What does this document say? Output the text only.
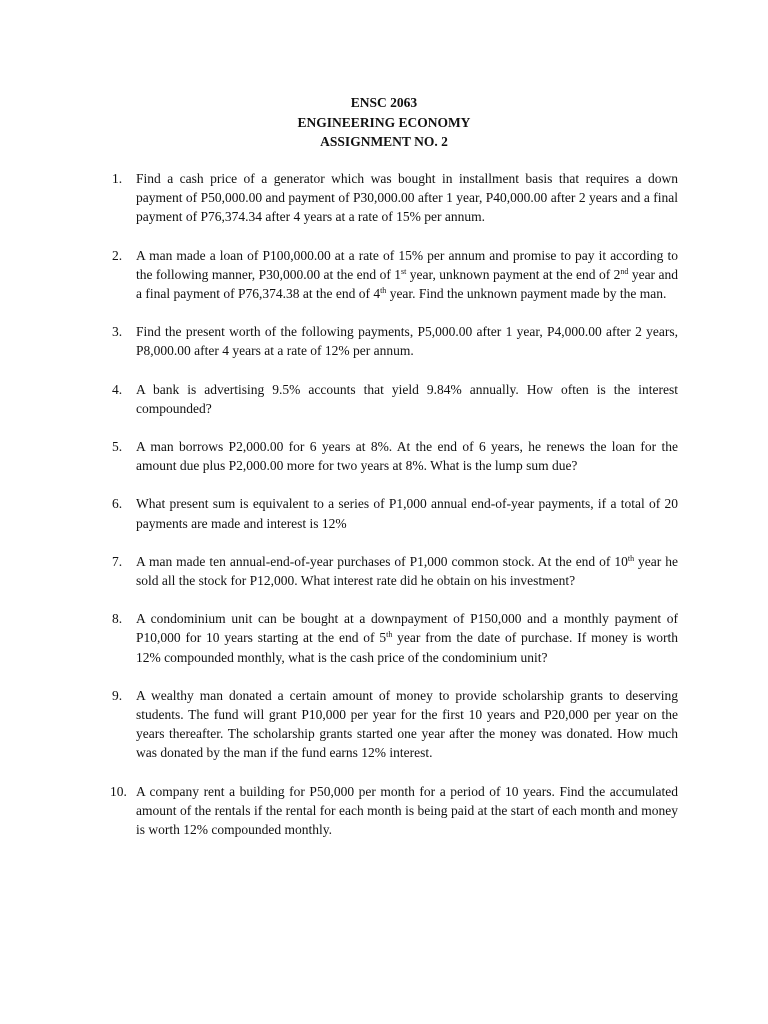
ENSC 2063
ENGINEERING ECONOMY
ASSIGNMENT NO. 2
1.	Find a cash price of a generator which was bought in installment basis that requires a down payment of P50,000.00 and payment of P30,000.00 after 1 year, P40,000.00 after 2 years and a final payment of P76,374.34 after 4 years at a rate of 15% per annum.
2.	A man made a loan of P100,000.00 at a rate of 15% per annum and promise to pay it according to the following manner, P30,000.00 at the end of 1st year, unknown payment at the end of 2nd year and a final payment of P76,374.38 at the end of 4th year. Find the unknown payment made by the man.
3.	Find the present worth of the following payments, P5,000.00 after 1 year, P4,000.00 after 2 years, P8,000.00 after 4 years at a rate of 12% per annum.
4.	A bank is advertising 9.5% accounts that yield 9.84% annually. How often is the interest compounded?
5.	A man borrows P2,000.00 for 6 years at 8%. At the end of 6 years, he renews the loan for the amount due plus P2,000.00 more for two years at 8%. What is the lump sum due?
6.	What present sum is equivalent to a series of P1,000 annual end-of-year payments, if a total of 20 payments are made and interest is 12%
7.	A man made ten annual-end-of-year purchases of P1,000 common stock. At the end of 10th year he sold all the stock for P12,000. What interest rate did he obtain on his investment?
8.	A condominium unit can be bought at a downpayment of P150,000 and a monthly payment of P10,000 for 10 years starting at the end of 5th year from the date of purchase. If money is worth 12% compounded monthly, what is the cash price of the condominium unit?
9.	A wealthy man donated a certain amount of money to provide scholarship grants to deserving students. The fund will grant P10,000 per year for the first 10 years and P20,000 per year on the years thereafter. The scholarship grants started one year after the money was donated. How much was donated by the man if the fund earns 12% interest.
10. A company rent a building for P50,000 per month for a period of 10 years. Find the accumulated amount of the rentals if the rental for each month is being paid at the start of each month and money is worth 12% compounded monthly.
